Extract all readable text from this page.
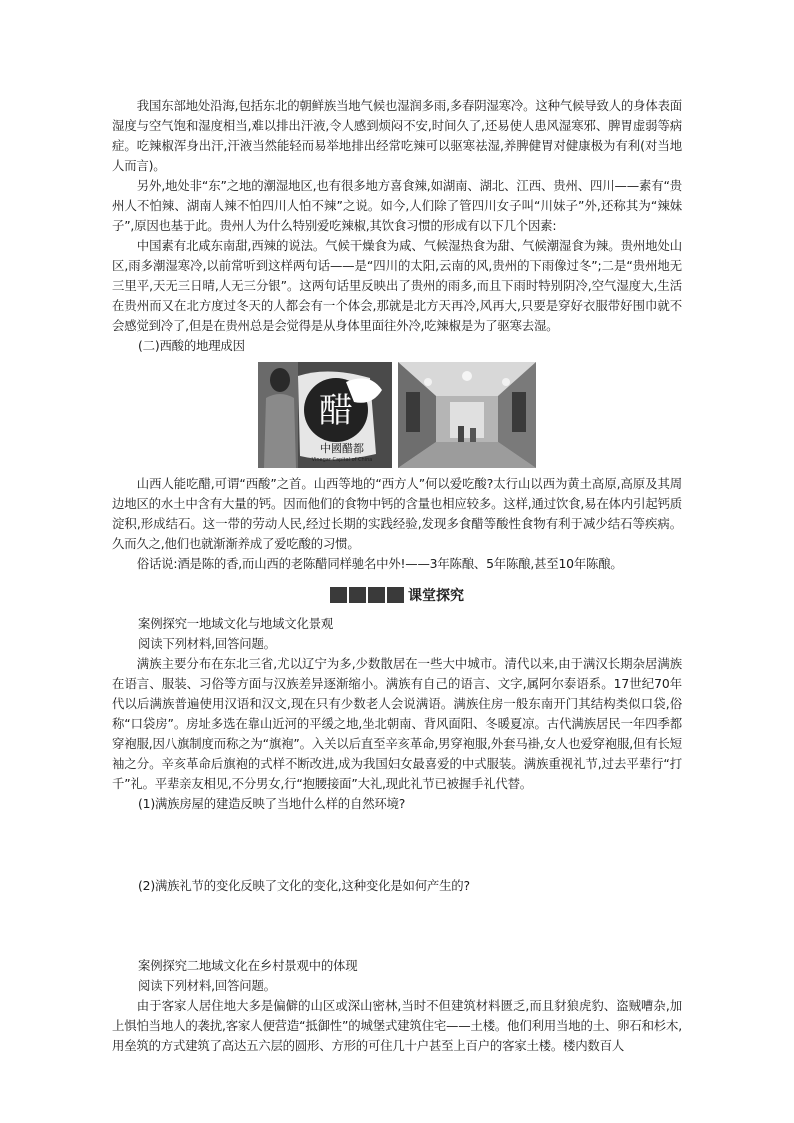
我国东部地处沿海,包括东北的朝鲜族当地气候也湿润多雨,多春阴湿寒冷。这种气候导致人的身体表面湿度与空气饱和湿度相当,难以排出汗液,令人感到烦闷不安,时间久了,还易使人患风湿寒邪、脾胃虚弱等病症。吃辣椒浑身出汗,汗液当然能轻而易举地排出经常吃辣可以驱寒祛湿,养脾健胃对健康极为有利(对当地人而言)。

另外,地处非“东”之地的潮湿地区,也有很多地方喜食辣,如湖南、湖北、江西、贵州、四川——素有“贵州人不怕辣、湖南人辣不怕四川人怕不辣”之说。如今,人们除了管四川女子叫“川妹子”外,还称其为“辣妹子”,原因也基于此。贵州人为什么特别爱吃辣椒,其饮食习惯的形成有以下几个因素:

中国素有北咸东南甜,西辣的说法。气候干燥食为咸、气候湿热食为甜、气候潮湿食为辣。贵州地处山区,雨多潮湿寒冷,以前常听到这样两句话——是“四川的太阳,云南的风,贵州的下雨像过冬”;二是“贵州地无三里平,天无三日晴,人无三分银”。这两句话里反映出了贵州的雨多,而且下雨时特别阴冷,空气湿度大,生活在贵州而又在北方度过冬天的人都会有一个体会,那就是北方天再冷,风再大,只要是穿好衣服带好围巾就不会感觉到冷了,但是在贵州总是会觉得是从身体里面往外冷,吃辣椒是为了驱寒去湿。

(二)西酸的地理成因

醋
中國醋都
Vinegar Capital of China

山西人能吃醋,可谓“西酸”之首。山西等地的“西方人”何以爱吃酸?太行山以西为黄土高原,高原及其周边地区的水土中含有大量的钙。因而他们的食物中钙的含量也相应较多。这样,通过饮食,易在体内引起钙质淀积,形成结石。这一带的劳动人民,经过长期的实践经验,发现多食醋等酸性食物有利于减少结石等疾病。久而久之,他们也就渐渐养成了爱吃酸的习惯。

俗话说:酒是陈的香,而山西的老陈醋同样驰名中外!——3年陈酿、5年陈酿,甚至10年陈酿。

课堂探究

案例探究一地域文化与地域文化景观

阅读下列材料,回答问题。

满族主要分布在东北三省,尤以辽宁为多,少数散居在一些大中城市。清代以来,由于满汉长期杂居满族在语言、服装、习俗等方面与汉族差异逐渐缩小。满族有自己的语言、文字,属阿尔泰语系。17世纪70年代以后满族普遍使用汉语和汉文,现在只有少数老人会说满语。满族住房一般东南开门其结构类似口袋,俗称“口袋房”。房址多选在靠山近河的平缓之地,坐北朝南、背风面阳、冬暖夏凉。古代满族居民一年四季都穿袍服,因八旗制度而称之为“旗袍”。入关以后直至辛亥革命,男穿袍服,外套马褂,女人也爱穿袍服,但有长短袖之分。辛亥革命后旗袍的式样不断改进,成为我国妇女最喜爱的中式服装。满族重视礼节,过去平辈行“打千”礼。平辈亲友相见,不分男女,行“抱腰接面”大礼,现此礼节已被握手礼代替。

(1)满族房屋的建造反映了当地什么样的自然环境?

(2)满族礼节的变化反映了文化的变化,这种变化是如何产生的?

案例探究二地域文化在乡村景观中的体现

阅读下列材料,回答问题。

由于客家人居住地大多是偏僻的山区或深山密林,当时不但建筑材料匮乏,而且豺狼虎豹、盗贼嘈杂,加上惧怕当地人的袭扰,客家人便营造“抵御性”的城堡式建筑住宅——土楼。他们利用当地的土、卵石和杉木,用垒筑的方式建筑了高达五六层的圆形、方形的可住几十户甚至上百户的客家土楼。楼内数百人
